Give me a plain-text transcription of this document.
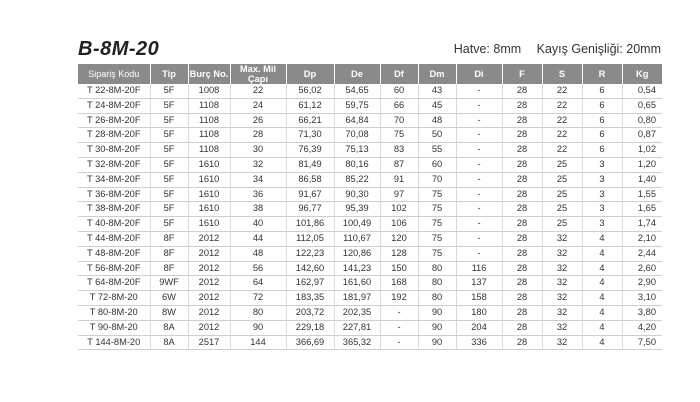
B-8M-20	Hatve: 8mm Kayış Genişliği: 20mm
Sipariş Kodu	Tip	Burç No.	Max. Mil Çapı	Dp	De	Df	Dm	Di	F	S	R	Kg
T 22-8M-20F	5F	1008	22	56,02	54,65	60	43	-	28	22	6	0,54
T 24-8M-20F	5F	1108	24	61,12	59,75	66	45	-	28	22	6	0,65
T 26-8M-20F	5F	1108	26	66,21	64,84	70	48	-	28	22	6	0,80
T 28-8M-20F	5F	1108	28	71,30	70,08	75	50	-	28	22	6	0,87
T 30-8M-20F	5F	1108	30	76,39	75,13	83	55	-	28	22	6	1,02
T 32-8M-20F	5F	1610	32	81,49	80,16	87	60	-	28	25	3	1,20
T 34-8M-20F	5F	1610	34	86,58	85,22	91	70	-	28	25	3	1,40
T 36-8M-20F	5F	1610	36	91,67	90,30	97	75	-	28	25	3	1,55
T 38-8M-20F	5F	1610	38	96,77	95,39	102	75	-	28	25	3	1,65
T 40-8M-20F	5F	1610	40	101,86	100,49	106	75	-	28	25	3	1,74
T 44-8M-20F	8F	2012	44	112,05	110,67	120	75	-	28	32	4	2,10
T 48-8M-20F	8F	2012	48	122,23	120,86	128	75	-	28	32	4	2,44
T 56-8M-20F	8F	2012	56	142,60	141,23	150	80	116	28	32	4	2,60
T 64-8M-20F	9WF	2012	64	162,97	161,60	168	80	137	28	32	4	2,90
T 72-8M-20	6W	2012	72	183,35	181,97	192	80	158	28	32	4	3,10
T 80-8M-20	8W	2012	80	203,72	202,35	-	90	180	28	32	4	3,80
T 90-8M-20	8A	2012	90	229,18	227,81	-	90	204	28	32	4	4,20
T 144-8M-20	8A	2517	144	366,69	365,32	-	90	336	28	32	4	7,50
